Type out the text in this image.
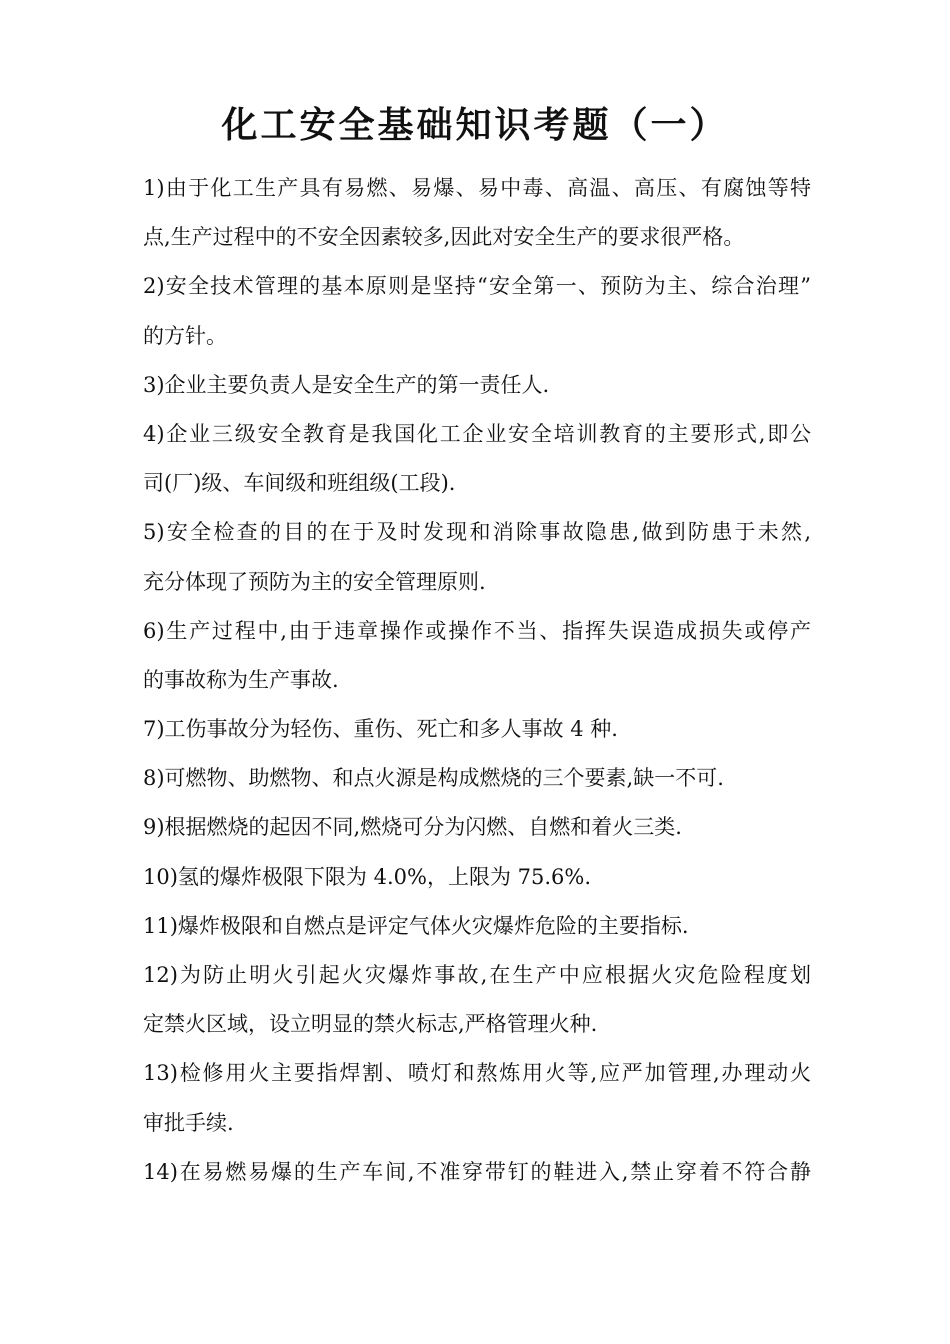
化工安全基础知识考题（一）
1)由于化工生产具有易燃、易爆、易中毒、高温、高压、有腐蚀等特
点,生产过程中的不安全因素较多,因此对安全生产的要求很严格。
2)安全技术管理的基本原则是坚持“安全第一、预防为主、综合治理”
的方针。
3)企业主要负责人是安全生产的第一责任人.
4)企业三级安全教育是我国化工企业安全培训教育的主要形式,即公
司(厂)级、车间级和班组级(工段).
5)安全检查的目的在于及时发现和消除事故隐患,做到防患于未然,
充分体现了预防为主的安全管理原则.
6)生产过程中,由于违章操作或操作不当、指挥失误造成损失或停产
的事故称为生产事故.
7)工伤事故分为轻伤、重伤、死亡和多人事故 4 种.
8)可燃物、助燃物、和点火源是构成燃烧的三个要素,缺一不可.
9)根据燃烧的起因不同,燃烧可分为闪燃、自燃和着火三类.
10)氢的爆炸极限下限为 4.0%，上限为 75.6%.
11)爆炸极限和自燃点是评定气体火灾爆炸危险的主要指标.
12)为防止明火引起火灾爆炸事故,在生产中应根据火灾危险程度划
定禁火区域，设立明显的禁火标志,严格管理火种.
13)检修用火主要指焊割、喷灯和熬炼用火等,应严加管理,办理动火
审批手续.
14)在易燃易爆的生产车间,不准穿带钉的鞋进入,禁止穿着不符合静
